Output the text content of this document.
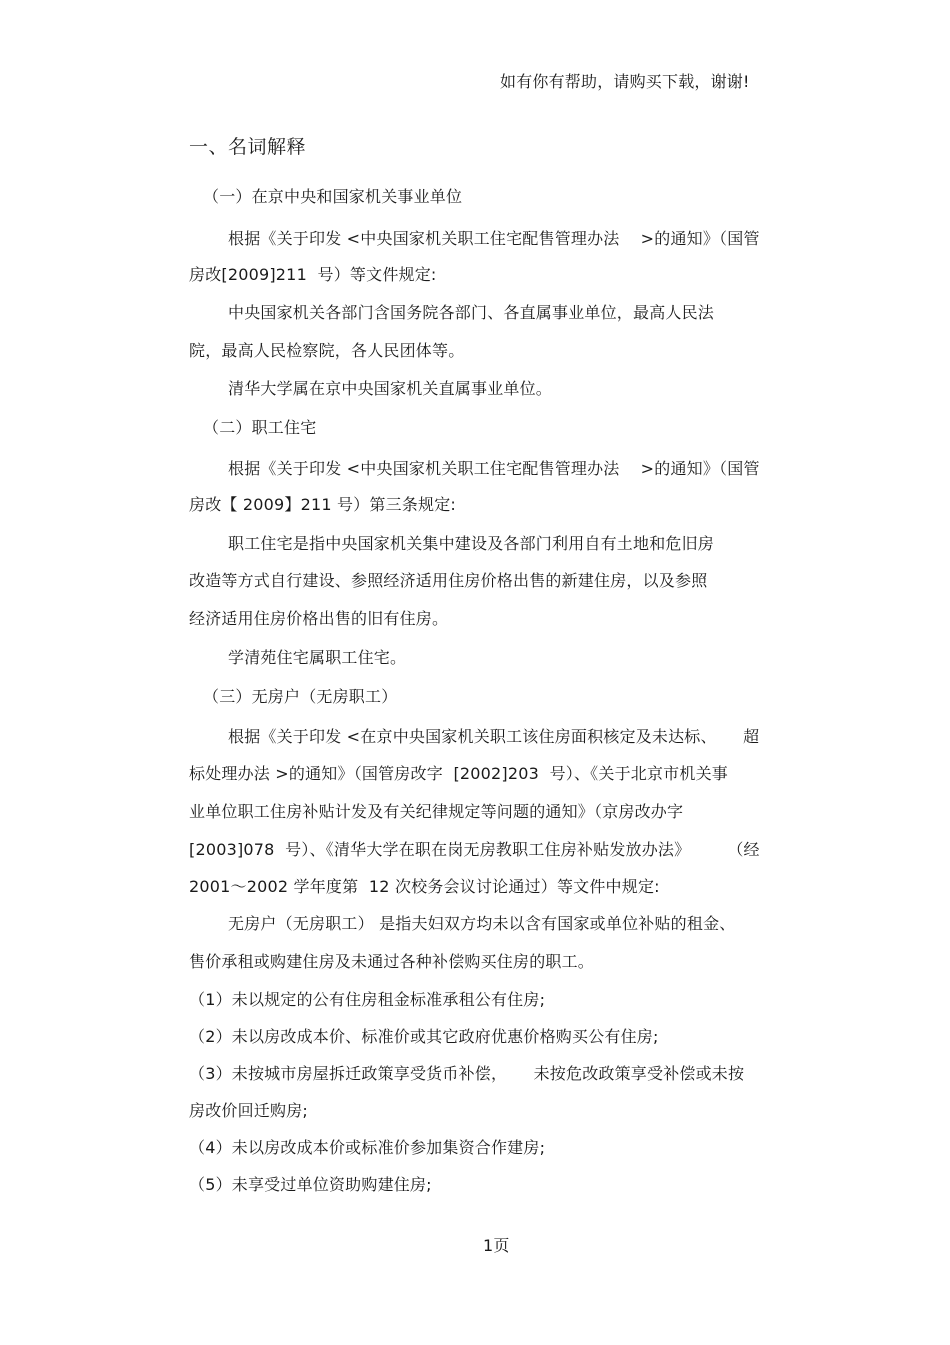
如有你有帮助，请购买下载，谢谢!

一、名词解释

（一）在京中央和国家机关事业单位

根据《关于印发 <中央国家机关职工住宅配售管理办法    >的通知》（国管

房改[2009]211  号）等文件规定:

中央国家机关各部门含国务院各部门、各直属事业单位，最高人民法

院，最高人民检察院，各人民团体等。

清华大学属在京中央国家机关直属事业单位。

（二）职工住宅

根据《关于印发 <中央国家机关职工住宅配售管理办法    >的通知》（国管

房改【 2009】211 号）第三条规定:

职工住宅是指中央国家机关集中建设及各部门利用自有土地和危旧房

改造等方式自行建设、参照经济适用住房价格出售的新建住房，以及参照

经济适用住房价格出售的旧有住房。

学清苑住宅属职工住宅。

（三）无房户（无房职工）

根据《关于印发 <在京中央国家机关职工该住房面积核定及未达标、     超

标处理办法 >的通知》（国管房改字  [2002]203  号）、《关于北京市机关事

业单位职工住房补贴计发及有关纪律规定等问题的通知》（京房改办字

[2003]078  号）、《清华大学在职在岗无房教职工住房补贴发放办法》       （经

2001～2002 学年度第  12 次校务会议讨论通过）等文件中规定:

无房户（无房职工） 是指夫妇双方均未以含有国家或单位补贴的租金、

售价承租或购建住房及未通过各种补偿购买住房的职工。

（1）未以规定的公有住房租金标准承租公有住房;

（2）未以房改成本价、标准价或其它政府优惠价格购买公有住房;

（3）未按城市房屋拆迁政策享受货币补偿，     未按危改政策享受补偿或未按

房改价回迁购房;

（4）未以房改成本价或标准价参加集资合作建房;

（5）未享受过单位资助购建住房;

1页
